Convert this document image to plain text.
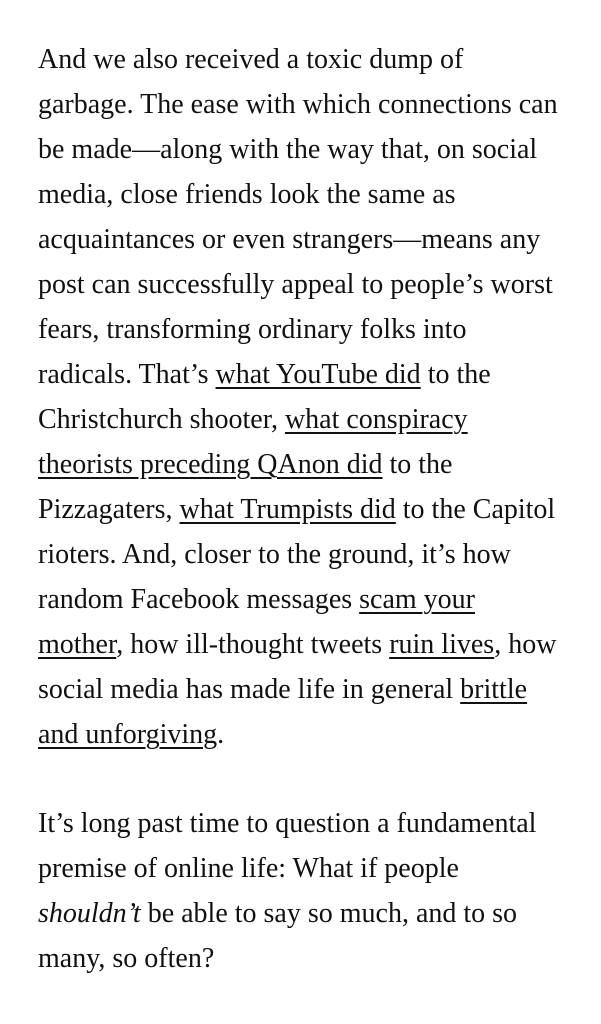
And we also received a toxic dump of garbage. The ease with which connections can be made—along with the way that, on social media, close friends look the same as acquaintances or even strangers—means any post can successfully appeal to people’s worst fears, transforming ordinary folks into radicals. That’s what YouTube did to the Christchurch shooter, what conspiracy theorists preceding QAnon did to the Pizzagaters, what Trumpists did to the Capitol rioters. And, closer to the ground, it’s how random Facebook messages scam your mother, how ill-thought tweets ruin lives, how social media has made life in general brittle and unforgiving.

It’s long past time to question a fundamental premise of online life: What if people shouldn’t be able to say so much, and to so many, so often?
